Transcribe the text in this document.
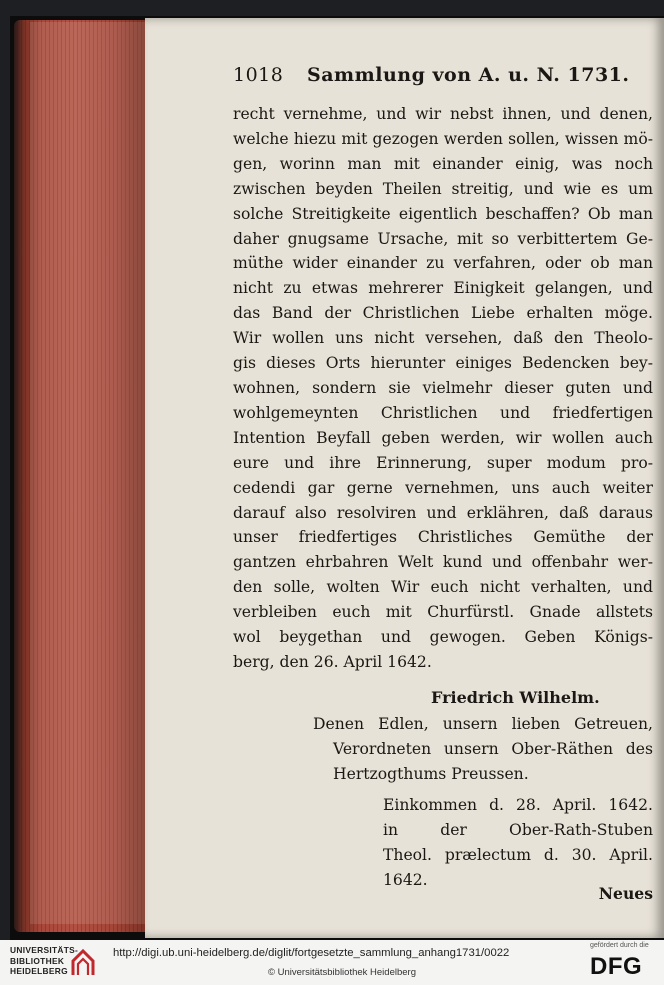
1018 Sammlung von A. u. N. 1731.
recht vernehme, und wir nebst ihnen, und denen,
welche hiezu mit gezogen werden sollen, wissen mö-
gen, worinn man mit einander einig, was noch
zwischen beyden Theilen streitig, und wie es um
solche Streitigkeite eigentlich beschaffen? Ob man
daher gnugsame Ursache, mit so verbittertem Ge-
müthe wider einander zu verfahren, oder ob man
nicht zu etwas mehrerer Einigkeit gelangen, und
das Band der Christlichen Liebe erhalten möge.
Wir wollen uns nicht versehen, daß den Theolo-
gis dieses Orts hierunter einiges Bedencken bey-
wohnen, sondern sie vielmehr dieser guten und
wohlgemeynten Christlichen und friedfertigen
Intention Beyfall geben werden, wir wollen auch
eure und ihre Erinnerung, super modum pro-
cedendi gar gerne vernehmen, uns auch weiter
darauf also resolviren und erklähren, daß daraus
unser friedfertiges Christliches Gemüthe der
gantzen ehrbahren Welt kund und offenbahr wer-
den solle, wolten Wir euch nicht verhalten, und
verbleiben euch mit Churfürstl. Gnade allstets
wol beygethan und gewogen. Geben Königs-
berg, den 26. April 1642.
Friedrich Wilhelm.
Denen Edlen, unsern lieben Getreuen,
Verordneten unsern Ober-Räthen des
Hertzogthums Preussen.
Einkommen d. 28. April. 1642.
in der Ober-Rath-Stuben
Theol. prælectum d. 30. April.
1642.
Neues
UNIVERSITÄTS-
BIBLIOTHEK
HEIDELBERG
http://digi.ub.uni-heidelberg.de/diglit/fortgesetzte_sammlung_anhang1731/0022
© Universitätsbibliothek Heidelberg
gefördert durch die
DFG
